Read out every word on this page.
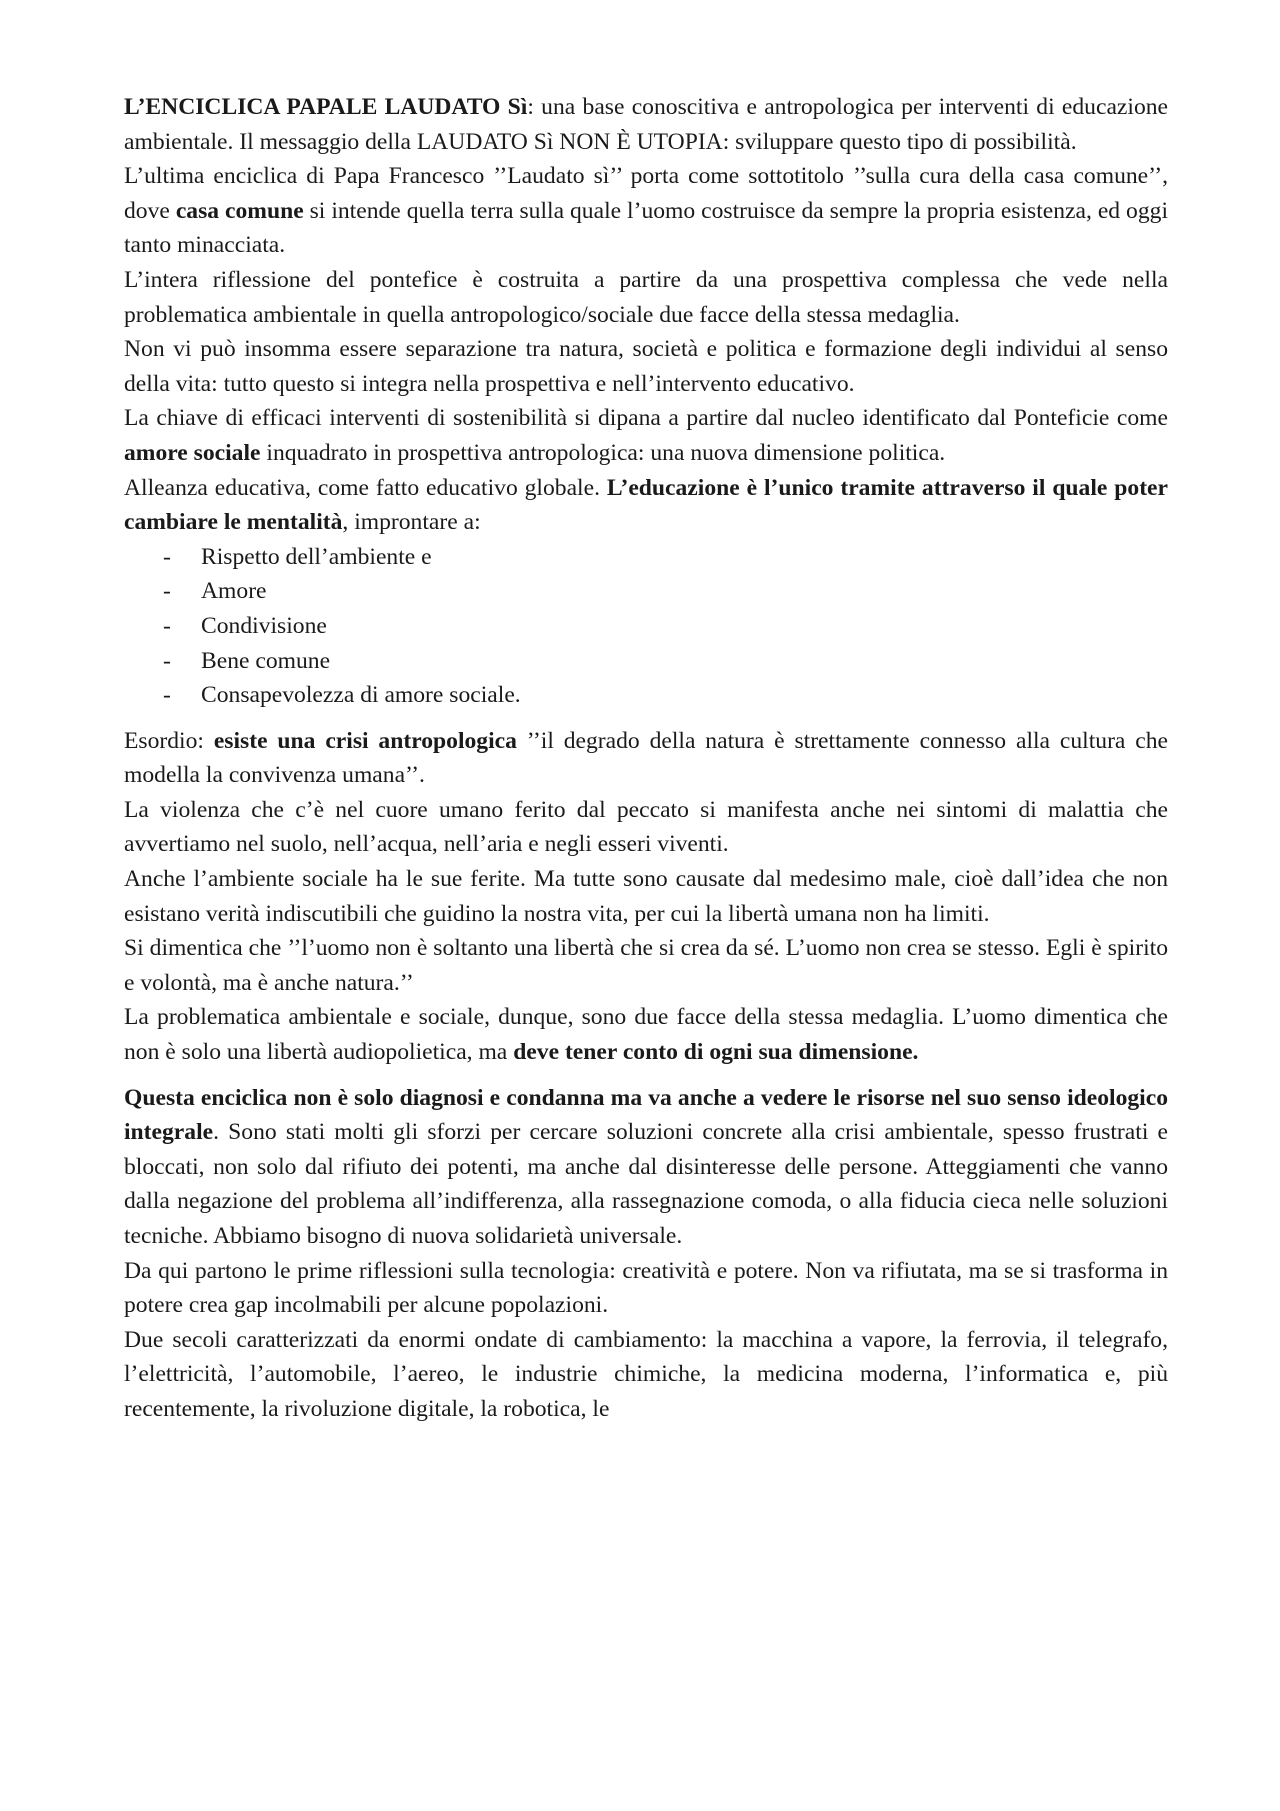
L’ENCICLICA PAPALE LAUDATO Sì: una base conoscitiva e antropologica per interventi di educazione ambientale. Il messaggio della LAUDATO Sì NON È UTOPIA: sviluppare questo tipo di possibilità.

L’ultima enciclica di Papa Francesco ’’Laudato sì’’ porta come sottotitolo ’’sulla cura della casa comune’’, dove casa comune si intende quella terra sulla quale l’uomo costruisce da sempre la propria esistenza, ed oggi tanto minacciata.

L’intera riflessione del pontefice è costruita a partire da una prospettiva complessa che vede nella problematica ambientale in quella antropologico/sociale due facce della stessa medaglia.

Non vi può insomma essere separazione tra natura, società e politica e formazione degli individui al senso della vita: tutto questo si integra nella prospettiva e nell’intervento educativo.

La chiave di efficaci interventi di sostenibilità si dipana a partire dal nucleo identificato dal Ponteficie come amore sociale inquadrato in prospettiva antropologica: una nuova dimensione politica.

Alleanza educativa, come fatto educativo globale. L’educazione è l’unico tramite attraverso il quale poter cambiare le mentalità, improntare a:

- Rispetto dell’ambiente e
- Amore
- Condivisione
- Bene comune
- Consapevolezza di amore sociale.

Esordio: esiste una crisi antropologica ’’il degrado della natura è strettamente connesso alla cultura che modella la convivenza umana’’.

La violenza che c’è nel cuore umano ferito dal peccato si manifesta anche nei sintomi di malattia che avvertiamo nel suolo, nell’acqua, nell’aria e negli esseri viventi.

Anche l’ambiente sociale ha le sue ferite. Ma tutte sono causate dal medesimo male, cioè dall’idea che non esistano verità indiscutibili che guidino la nostra vita, per cui la libertà umana non ha limiti.

Si dimentica che ’’l’uomo non è soltanto una libertà che si crea da sé. L’uomo non crea se stesso. Egli è spirito e volontà, ma è anche natura.’’

La problematica ambientale e sociale, dunque, sono due facce della stessa medaglia. L’uomo dimentica che non è solo una libertà audiopolietica, ma deve tener conto di ogni sua dimensione.

Questa enciclica non è solo diagnosi e condanna ma va anche a vedere le risorse nel suo senso ideologico integrale. Sono stati molti gli sforzi per cercare soluzioni concrete alla crisi ambientale, spesso frustrati e bloccati, non solo dal rifiuto dei potenti, ma anche dal disinteresse delle persone. Atteggiamenti che vanno dalla negazione del problema all’indifferenza, alla rassegnazione comoda, o alla fiducia cieca nelle soluzioni tecniche. Abbiamo bisogno di nuova solidarietà universale.

Da qui partono le prime riflessioni sulla tecnologia: creatività e potere. Non va rifiutata, ma se si trasforma in potere crea gap incolmabili per alcune popolazioni.

Due secoli caratterizzati da enormi ondate di cambiamento: la macchina a vapore, la ferrovia, il telegrafo, l’elettricità, l’automobile, l’aereo, le industrie chimiche, la medicina moderna, l’informatica e, più recentemente, la rivoluzione digitale, la robotica, le
